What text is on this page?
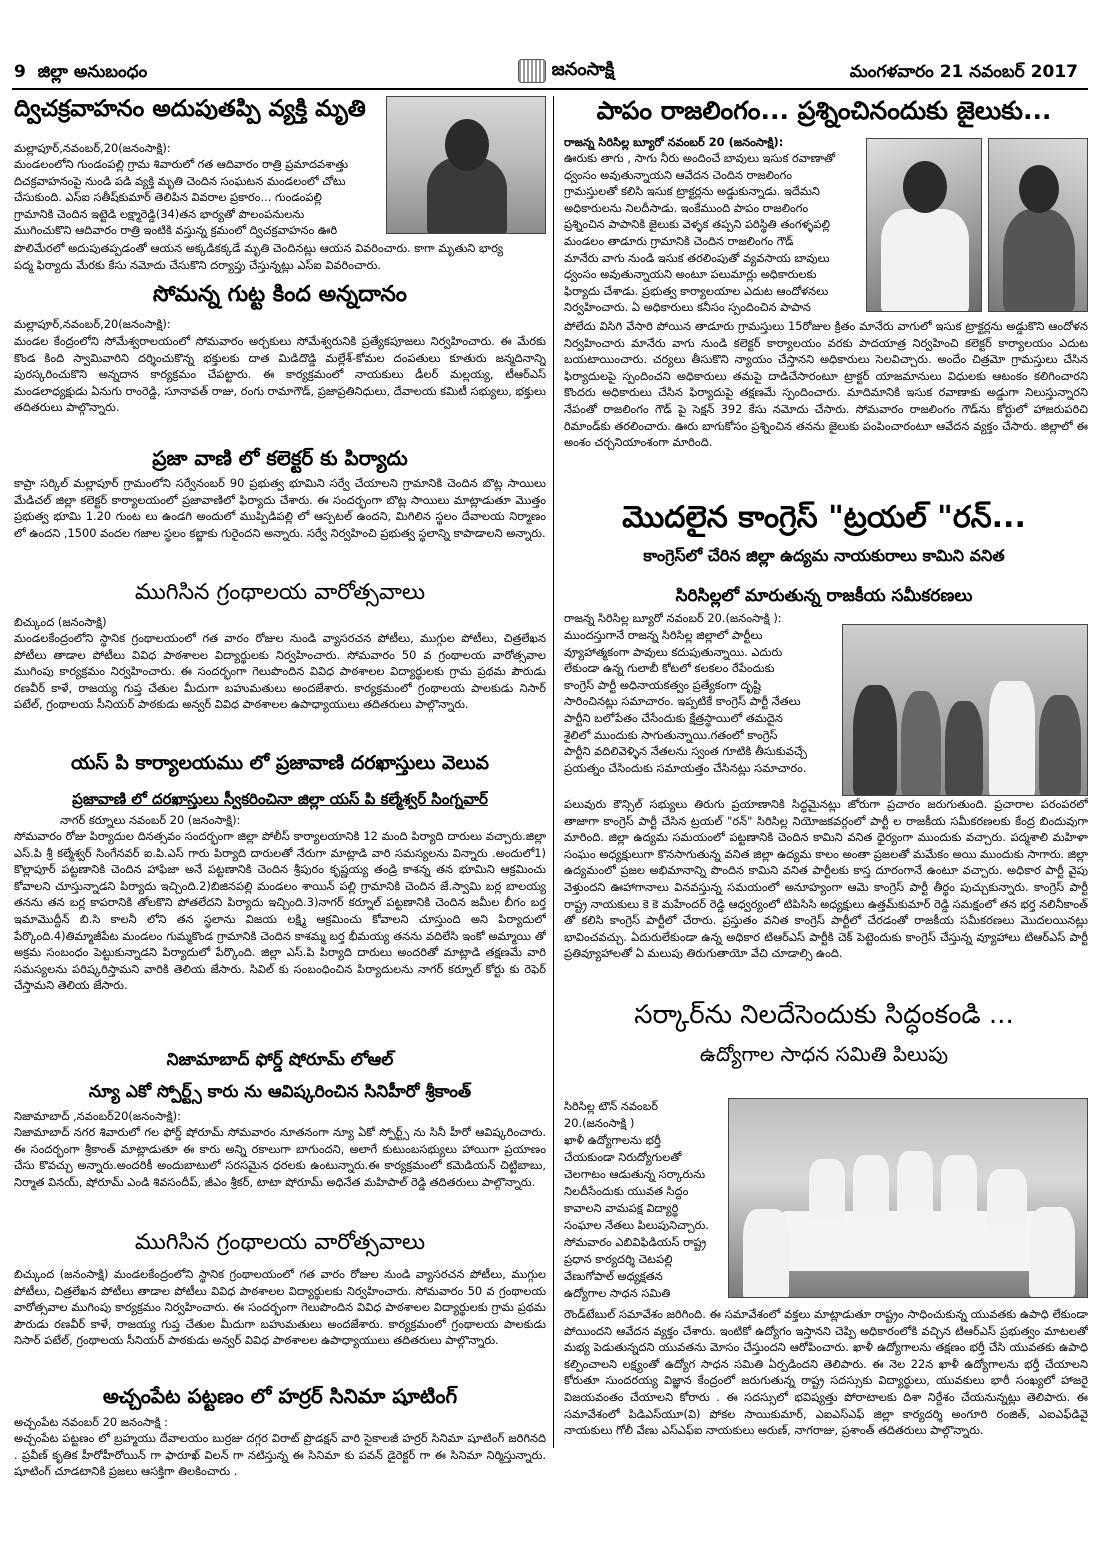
9 జిల్లా అనుబంధం	జనంసాక్షి	మంగళవారం 21 నవంబర్ 2017
ద్విచక్రవాహనం అదుపుతప్పి వ్యక్తి మృతి
మల్లాపూర్,నవంబర్,20(జనంసాక్షి):

మండలంలోని గుండంపల్లి గ్రామ శివారులో గత ఆదివారం రాత్రి ప్రమాదవశాత్తు

దిచక్రవాహనంపై నుండి పడి వ్యక్తి మృతి చెందిన సంఘటన మండలంలో చోటు

చేసుకుంది. ఎస్ఐ సతీష్‌కుమార్ తెలిపిన వివరాల ప్రకారం... గుండంపల్లి

గ్రామానికి చెందిన ఇట్టెడి లక్ష్మారెడ్డి(34)తన భార్యతో పొలంపనులను

ముగించుకొని ఆదివారం రాత్రి ఇంటికి వస్తున్న క్రమంలో ద్విచక్రవాహనం ఊరి

పొలిమేరలో అదుపుతప్పడంతో ఆయన అక్కడికక్కడే మృతి చెందినట్లు ఆయన వివరించారు. కాగా మృతుని భార్య

పద్మ ఫిర్యాదు మేరకు కేసు నమోదు చేసుకొని దర్యాప్తు చేస్తున్నట్లు ఎస్ఐ వివరించారు.

సోమన్న గుట్ట కింద అన్నదానం
మల్లాపూర్,నవంబర్,20(జనంసాక్షి):
మండల కేంద్రంలోని సోమేశ్వరాలయంలో సోమవారం అర్చకులు సోమేశ్వరునికి ప్రత్యేకపూజలు నిర్వహించారు. ఈ మేరకు కొండ కింది స్వామివారిని దర్శించుకొన్న భక్తులకు దాత మిడిదొడ్డి మల్లేశ్-కోమల దంపతులు కూతురు జన్మదినాన్ని పురస్కరించుకొని అన్నదాన కార్యక్రమం చేపట్టారు. ఈ కార్యక్రమంలో నాయకులు డీలర్ మల్లయ్య, టీఆర్ఎస్ మండలాధ్యక్షుడు ఏనుగు రాంరెడ్డి, సూనావత్ రాజు, రంగు రామాగౌడ్, ప్రజాప్రతినిధులు, దేవాలయ కమిటీ సభ్యులు, భక్తులు తదితరులు పాల్గొన్నారు.
ప్రజా వాణి లో కలెక్టర్ కు పిర్యాదు
కాప్రా సర్కిల్ మల్లాపూర్ గ్రామంలోని సర్వేనంబర్ 90 ప్రభుత్వ భూమిని సర్వే చేయాలని గ్రామానికి చెందిన బొట్ల సాయిలు మేడిచల్ జిల్లా కలెక్టర్ కార్యాలయంలో ప్రజావాణిలో ఫిర్యాదు చేశారు. ఈ సందర్భంగా బొట్ల సాయిలు మాట్లాడుతూ మొత్తం ప్రభుత్వ భూమి 1.20 గుంట లు ఉండగి అందులో ముప్పిడిపల్లి లో ఆస్పటల్ ఉందని, మిగిలిన స్థలం దేవాలయ నిర్మాణం లో ఉందని ,1500 వందల గజాల స్థలం కబ్జాకు గురైందని అన్నారు. సర్వే నిర్వహించి ప్రభుత్వ స్థలాన్ని కాపాడాలని అన్నారు.
ముగిసిన గ్రంథాలయ వారోత్సవాలు
బిచ్కుంద (జనంసాక్షి)
మండలకేంద్రంలోని స్థానిక గ్రంథాలయంలో గత వారం రోజుల నుండి వ్యాసరచన పోటీలు, ముగ్గుల పోటీలు, చిత్రలేఖన పోటీలు తాడాల పోటీలు వివిధ పాఠశాలల విద్యార్థులకు నిర్వహించారు. సోమవారం 50 వ గ్రంథాలయ వారోత్సవాల ముగింపు కార్యక్రమం నిర్వహించారు. ఈ సందర్భంగా గెలుపొందిన వివిధ పాఠశాలల విద్యార్థులకు గ్రామ ప్రథమ పౌరుడు రణవీర్ కాళే, రాజయ్య గుప్త చేతుల మీదుగా బహుమతులు అందజేశారు. కార్యక్రమంలో గ్రంథాలయ పాలకుడు నిసార్ పటేల్, గ్రంథాలయ సీనియర్ పాఠకుడు అన్వర్ వివిధ పాఠశాలల ఉపాధ్యాయులు తదితరులు పాల్గొన్నారు.
యస్ పి కార్యాలయము లో ప్రజావాణి దరఖాస్తులు వెలువ
ప్రజావాణి లో దరఖాస్తులు స్వీకరించినా జిల్లా యస్ పి కల్మేశ్వర్ సింగ్నవార్
నాగర్ కర్నూలు నవంబర్ 20 (జనంసాక్షి):
సోమవారం రోజు పిర్యాదుల దినత్సవం సందర్భంగా జిల్లా పోలీస్ కార్యాలయానికి 12 మంది పిర్యాది దారులు వచ్చారు.జిల్లా ఎస్.పి శ్రీ కల్మేశ్వర్ సింగేనవర్ ఐ.పి.ఎస్ గారు పిర్యాది దారులతో నేరుగా మాట్లాడి వారి సమస్యలను విన్నారు .అందులో1) కొల్లాపూర్ పట్టణానికి చెందిన హాఫిజా అనే పట్టణానికి చెందిన శ్రీపురం కృష్ణయ్య తండ్రి కాశన్న తన భూమిని ఆక్రమించు కోవాలని చూస్తున్నాడని పిర్యాదు ఇచ్చింది.2)బిజినపల్లి మండలం శాయిన్ పల్లి గ్రామానికి చెందిన జే.స్వామి బర్ల బాలయ్య తనను తన బర్ల కాపరానికి తోలకొని పోతలేదని పిర్యాదు ఇచ్చింది.3)నాగర్ కర్నూల్ పట్టణానికి చెందిన జమీల బీగం బర్త ఇమామొద్దీన్ బి.సి కాలనీ లోని తన స్థలాను విజయ లక్ష్మి ఆక్రమించు కోవాలని చూస్తుంది అని పిర్యాదులో పేర్కొంది.4)తిమ్మాజీపేట మండలం గుమ్మకొండ గ్రామానికి చెందిన కాశమ్మ బర్త భీమయ్య తనను వదిలేసి ఇంకో అమ్మాయి తో అక్రమ సంబంధం పెట్టుకున్నాడని పిర్యాదులో పేర్కొంది. జిల్లా ఎస్.పి పిర్యాది దారులు అందరితో మాట్లాడి తక్షణమే వారి సమస్యలను పరిష్కరిస్తామని వారికి తెలియ జేసారు. సివిల్ కు సంబంధించిన పిర్యాదులను నాగర్ కర్నూల్ కోర్టు కు రెఫెర్ చేస్తామని తెలియ జేసారు.
నిజామాబాద్ ఫోర్డ్ షోరూమ్ లోఆల్
న్యూ ఎకో స్పోర్ట్స్ కారు ను ఆవిష్కరించిన సినిహీరో శ్రీకాంత్
నిజామాబాద్ ,నవంబర్20(జనంసాక్షి):
నిజామాబాద్ నగర శివారులో గల ఫోర్డ్ షోరూమ్ సోమవారం నూతనంగా న్యూ ఏకో స్పోర్ట్స్ ను సినీ హీరో ఆవిష్కరించారు. ఈ సందర్భంగా శ్రీకాంత్ మాట్లాడుతూ ఈ కారు అన్ని రకాలుగా బాగుందని, అలాగే కుటుంబసభ్యులు హాయిగా ప్రయాణం చేసు కొవచ్చు అన్నారు.అందరికీ అందుబాటులో సరసమైన ధరలకు ఉంటున్నారు.ఈ కార్యక్రమంలో కమెడియన్ చిట్టిబాబు, నిర్మాత వినయ్, షోరూమ్ ఎండి శివసందీప్, జీఎం శ్రీకర్, టాటా షోరూమ్ అధినేత మహిపాల్ రెడ్డి తదితరులు పాల్గొన్నారు.
ముగిసిన గ్రంథాలయ వారోత్సవాలు
బిచ్కుంద (జనంసాక్షి) మండలకేంద్రంలోని స్థానిక గ్రంథాలయంలో గత వారం రోజుల నుండి వ్యాసరచన పోటీలు, ముగ్గుల పోటీలు, చిత్రలేఖన పోటీలు తాడాల పోటీలు వివిధ పాఠశాలల విద్యార్థులకు నిర్వహించారు. సోమవారం 50 వ గ్రంథాలయ వారోత్సవాల ముగింపు కార్యక్రమం నిర్వహించారు. ఈ సందర్భంగా గెలుపొందిన వివిధ పాఠశాలల విద్యార్థులకు గ్రామ ప్రథమ పౌరుడు రణవీర్ కాళే, రాజయ్య గుప్త చేతుల మీదుగా బహుమతులు అందజేశారు. కార్యక్రమంలో గ్రంథాలయ పాలకుడు నిసార్ పటేల్, గ్రంథాలయ సీనియర్ పాఠకుడు అన్వర్ వివిధ పాఠశాలల ఉపాధ్యాయులు తదితరులు పాల్గొన్నారు.
అచ్చంపేట పట్టణం లో హర్రర్ సినిమా షూటింగ్
అచ్చంపేట నవంబర్ 20 జనంసాక్షి :
అచ్చంపేట పట్టణం లో బ్రహ్మయు దేవాలయం బుర్రజు దగ్గర విరాట్ ప్రొడక్షన్ వారి సైకాలజీ హర్రర్ సినిమా షూటింగ్ జరిగినది . ప్రవీణ్ కృతిక హీరోహీరోయిన్ గా ఫారూఖ్ విలన్ గా నటిస్తున్న ఈ సినిమా కు పవన్ డైరెక్టర్ గా ఈ సినిమా నిర్మిస్తున్నారు. షూటింగ్ చూడటానికి ప్రజలు ఆసక్తిగా తిలకించారు .
పాపం రాజలింగం... ప్రశ్నించినందుకు జైలుకు...
రాజన్న సిరిసిల్ల బ్యూరో నవంబర్ 20 (జనంసాక్షి):

ఊరుకు తాగు , సాగు నీరు అందించే బావులు ఇసుక రవాణాతో

ధ్వంసం అవుతున్నాయని ఆవేదన చెందిన రాజలింగం

గ్రామస్తులతో కలిసి ఇసుక ట్రాక్టర్లను అడ్డుకున్నాడు. ఇదేమని

అధికారులను నిలదీసాడు. ఇంకేముంది పాపం రాజలింగం

ప్రశ్నించిన పాపానికి జైలుకు వెళ్ళక తప్పని పరిస్థితి తంగళ్ళపల్లి

మండలం తాడూరు గ్రామానికి చెందిన రాజలింగం గౌడ్

మానేరు వాగు నుండి ఇసుక తరలింపుతో వ్యవసాయ బావులు

ధ్వంసం అవుతున్నాయని అంటూ పలుమార్లు అధికారులకు

ఫిర్యాదు చేశాడు. ప్రభుత్వ కార్యాలయాల ఎదుట ఆందోళనలు

నిర్వహించారు. ఏ అధికారులు కనీసం స్పందించిన పాపాన

పోలేదు విసిగి వేసారి పోయిన తాడూరు గ్రామస్తులు 15రోజుల క్రితం మానేరు వాగులో ఇసుక ట్రాక్టర్లను అడ్డుకొని ఆందోళన నిర్వహించారు మానేరు వాగు నుండి కలెక్టర్ కార్యాలయం వరకు పాదయాత్ర నిర్వహించి కలెక్టర్ కార్యాలయం ఎదుట బయటాయించారు. చర్యలు తీసుకొని న్యాయం చేస్తానని అధికారులు సెలవిచ్చారు. అందేం చిత్రమో గ్రామస్తులు చేసిన ఫిర్యాదులపై స్పందించని అధికారులు తమపై దాడిచేసారంటూ ట్రాక్టర్ యాజమానులు విధులకు ఆటంకం కలిగించారని కొందరు అధికారులు చేసిన ఫిర్యాదుపై తక్షణమే స్పందించారు. మాదిమానికి ఇసుక రవాణాకు అడ్డుగా నిలుస్తున్నారని నేపంతో రాజలింగం గౌడ్ పై సెక్షన్ 392 కేసు నమోదు చేసారు. సోమవారం రాజలింగం గౌడ్‌ను కోర్టులో హాజరుపరిచి రిమాండ్‌కు తరలించారు. ఊరు బాగుకోసం ప్రశ్నించిన తనను జైలుకు పంపించారంటూ ఆవేదన వ్యక్తం చేసారు. జిల్లాలో ఈ అంశం చర్చనియాంశంగా మారింది.
మొదలైన కాంగ్రెస్ "ట్రయల్ "రన్...
కాంగ్రెస్‌లో చేరిన జిల్లా ఉద్యమ నాయకురాలు కామిని వనిత
సిరిసిల్లలో మారుతున్న రాజకీయ సమీకరణలు
రాజన్న సిరిసిల్ల బ్యూరో నవంబర్ 20.(జనంసాక్షి ):

ముందస్తుగానే రాజన్న సిరిసిల్ల జిల్లాలో పార్టీలు

వ్యూహాత్మకంగా పావులు కదుపుతున్నాయి. ఎదురు

లేకుండా ఉన్న గులాబీ కోటలో కలకలం రేపేందుకు

కాంగ్రెస్ పార్టీ అధినాయకత్వం ప్రత్యేకంగా దృష్టి

సారించినట్లు సమాచారం. ఇప్పటికే కాంగ్రెస్ పార్టీ నేతలు

పార్టీని బలోపేతం చేసేందుకు క్షేత్రస్థాయిలో తమదైన

శైలిలో ముందుకు సాగుతున్నాయి.గతంలో కాంగ్రెస్

పార్టీని వదిలివెళ్ళిన నేతలను స్వంత గూటికి తీసుకువచ్చే

ప్రయత్నం చేసిందుకు సమాయత్తం చేసినట్లు సమాచారం.

పలువురు కౌన్సిల్ సభ్యులు తిరుగు ప్రయాణానికి సిద్ధమైనట్లు జోరుగా ప్రచారం జరుగుతుంది. ప్రచారాల పరంపరలో తాజాగా కాంగ్రెస్ పార్టీ చేసిన ట్రయల్ "రన్" సిరిసిల్ల నియోజకవర్గంలో పార్టీ ల రాజకీయ సమీకరణలకు కేంద్ర బిందువుగా మారింది. జిల్లా ఉద్యమ సమయంలో పట్టణానికి చెందిన కామిని వనిత ధైర్యంగా ముందుకు వచ్చారు. పద్మశాలి మహిళా సంఘం అధ్యక్షులుగా కొనసాగుతున్న వనిత జిల్లా ఉద్యమ కాలం అంతా ప్రజలతో మమేకం అయి ముందుకు సాగారు. జిల్లా ఉద్యమంలో ప్రజల అభిమానాన్ని పొందిన కామిని వనిత పార్టీలకు కాస్త దూరంగానే ఉంటూ వచ్చారు. అధికార పార్టీ వైపు వెళ్తుందని ఊహాగానాలు వినవస్తున్న సమయంలో అనూహ్యంగా ఆమె కాంగ్రెస్ పార్టీ తీర్థం పుచ్చుకున్నారు. కాంగ్రెస్ పార్టీ రాష్ట్ర నాయకులు కె కె మహేందర్ రెడ్డి ఆధ్వర్యంలో టిపిసిసి అధ్యక్షులు ఉత్తమ్‌కుమార్ రెడ్డి సమక్షంలో తన భర్త నలినీకాంత్ తో కలిసి కాంగ్రెస్ పార్టీలో చేరారు. ప్రస్తుతం వనిత కాంగ్రెస్ పార్టీలో చేరడంతో రాజకీయ సమీకరణలు మొదలయినట్లు భావించవచ్చు. ఏదురులేకుండా ఉన్న అధికార టిఆర్ఎస్ పార్టీకి చెక్ పెట్టెందుకు కాంగ్రెస్ చేస్తున్న వ్యూహాలు టిఆర్ఎస్ పార్టీ ప్రతివ్యూహాలతో ఏ మలుపు తిరుగుతాయో వేచి చూడాల్సి ఉంది.
సర్కార్‌ను నిలదేసెందుకు సిద్ధంకండి ...
ఉద్యోగాల సాధన సమితి పిలుపు

సిరిసిల్ల టౌన్ నవంబర్

20.(జనంసాక్షి )

ఖాళీ ఉద్యోగాలను భర్తీ

చేయకుండా నిరుద్యోగులతో

చెలగాటం ఆడుతున్న సర్కారును

నిలదీసేందుకు యువత సిద్దం

కావాలని వామపక్ష విద్యార్థి

సంఘాల నేతలు పిలుపునిచ్చారు.

సోమవారం ఎబివిఫిడియస్ రాష్ట్ర

ప్రధాన కార్యదర్శి చెటపల్లి

వేణుగోపాల్ అధ్యక్షతన

ఉద్యోగాల సాధన సమితి

రౌండ్‌టేబుల్ సమావేశం జరిగింది. ఈ సమావేశంలో వక్తలు మాట్లాడుతూ రాష్ట్రం సాధించుకున్న యువతకు ఉపాధి లేకుండా పోయిందని ఆవేదన వ్యక్తం చేశారు. ఇంటికో ఉద్యోగం ఇస్తానని చెప్పి అధికారంలోకి వచ్చిన టిఆర్ఎస్ ప్రభుత్వం మాటలతో మభ్య పెడుతున్నదని యువతను మోసం చేస్తుందని ఆరోపించారు. ఖాళీ ఉద్యోగాలను తక్షణం భర్తీ చేసి యువతకు ఉపాధి కల్పించాలని లక్ష్యంతో ఉద్యోగ సాధన సమితి ఏర్పడిందని తెలిపారు. ఈ నెల 22న ఖాళీ ఉద్యోగాలను భర్తీ చేయాలని కోరుతూ సుందరయ్య విజ్ఞాన కేంద్రంలో జరుగుతున్న రాష్ట్ర సదస్సుకు విద్యార్థులు, యువకులు భారీ సంఖ్యలో హాజరై విజయవంతం చేయాలని కోరారు . ఈ సదస్సులో భవిష్యత్తు పోరాటాలకు దిశా నిర్దేశం చేయనున్నట్లు తెలిపారు. ఈ సమావేశంలో పిడిఎస్‌యూ(వి) పోకల సాయికుమార్, ఎఐఎస్ఎఫ్ జిల్లా కార్యదర్శి అంగూరి రంజిత్, ఎఐఎఫ్‌డివై నాయకులు గోలీ వేణు ఎస్ఎఫ్ఐ నాయకులు అరుణ్, నాగరాజు, ప్రశాంత్ తదితరులు పాల్గొన్నారు.
